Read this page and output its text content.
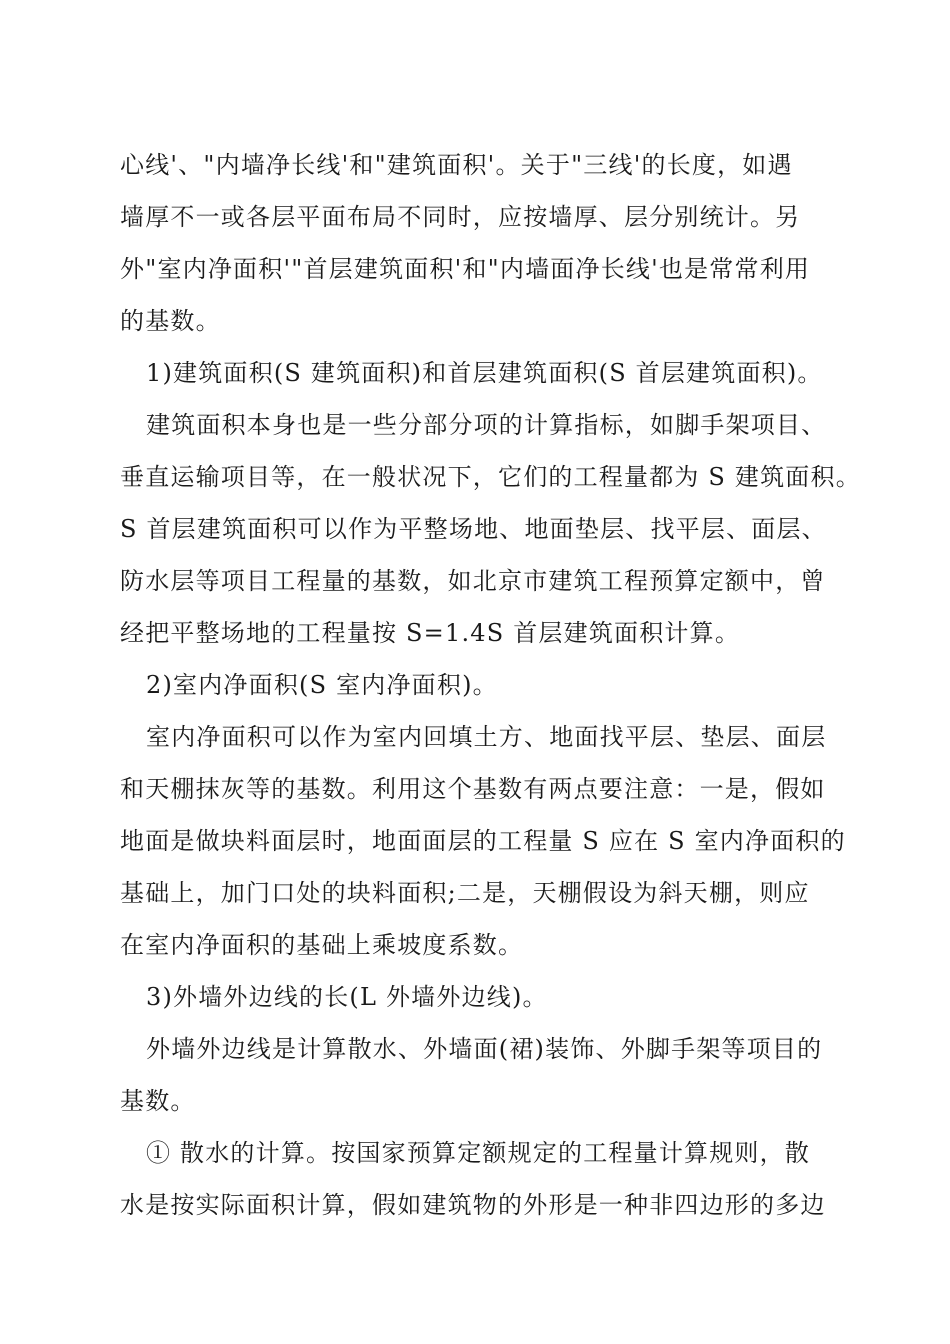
心线'、"内墙净长线'和"建筑面积'。关于"三线'的长度，如遇
墙厚不一或各层平面布局不同时，应按墙厚、层分别统计。另
外"室内净面积'"首层建筑面积'和"内墙面净长线'也是常常利用
的基数。
1)建筑面积(S 建筑面积)和首层建筑面积(S 首层建筑面积)。
建筑面积本身也是一些分部分项的计算指标，如脚手架项目、
垂直运输项目等，在一般状况下，它们的工程量都为 S 建筑面积。
S 首层建筑面积可以作为平整场地、地面垫层、找平层、面层、
防水层等项目工程量的基数，如北京市建筑工程预算定额中，曾
经把平整场地的工程量按 S=1.4S 首层建筑面积计算。
2)室内净面积(S 室内净面积)。
室内净面积可以作为室内回填土方、地面找平层、垫层、面层
和天棚抹灰等的基数。利用这个基数有两点要注意：一是，假如
地面是做块料面层时，地面面层的工程量 S 应在 S 室内净面积的
基础上，加门口处的块料面积;二是，天棚假设为斜天棚，则应
在室内净面积的基础上乘坡度系数。
3)外墙外边线的长(L 外墙外边线)。
外墙外边线是计算散水、外墙面(裙)装饰、外脚手架等项目的
基数。
① 散水的计算。按国家预算定额规定的工程量计算规则，散
水是按实际面积计算，假如建筑物的外形是一种非四边形的多边
